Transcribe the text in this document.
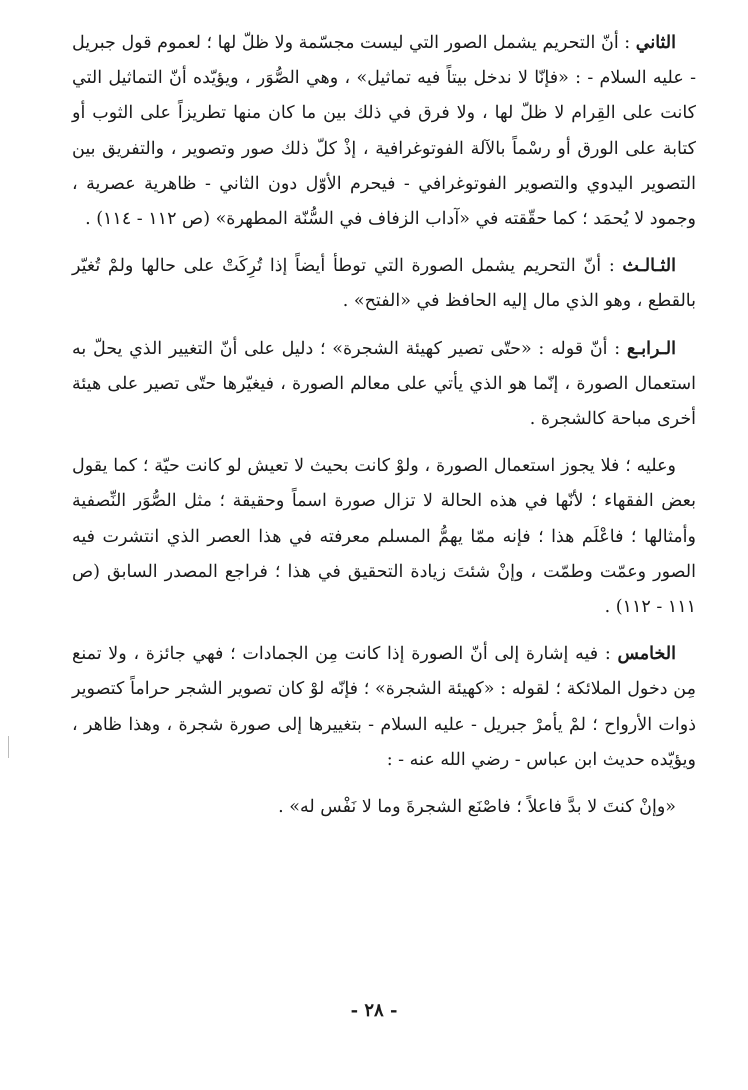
الثاني : أنّ التحريم يشمل الصور التي ليست مجسّمة ولا ظلّ لها ؛ لعموم قول جبريل - عليه السلام - : «فإنّا لا ندخل بيتاً فيه تماثيل» ، وهي الصُّوَر ، ويؤيّده أنّ التماثيل التي كانت على القِرام لا ظلّ لها ، ولا فرق في ذلك بين ما كان منها تطريزاً على الثوب أو كتابة على الورق أو رسْماً بالآلة الفوتوغرافية ، إذْ كلّ ذلك صور وتصوير ، والتفريق بين التصوير اليدوي والتصوير الفوتوغرافي - فيحرم الأوّل دون الثاني - ظاهرية عصرية ، وجمود لا يُحمَد ؛ كما حقّقته في «آداب الزفاف في السُّنّة المطهرة» (ص ١١٢ - ١١٤) .

الثـالـث : أنّ التحريم يشمل الصورة التي توطأ أيضاً إذا تُرِكَتْ على حالها ولمْ تُغيّر بالقطع ، وهو الذي مال إليه الحافظ في «الفتح» .

الـرابـع : أنّ قوله : «حتّى تصير كهيئة الشجرة» ؛ دليل على أنّ التغيير الذي يحلّ به استعمال الصورة ، إنّما هو الذي يأتي على معالم الصورة ، فيغيّرها حتّى تصير على هيئة أخرى مباحة كالشجرة .

وعليه ؛ فلا يجوز استعمال الصورة ، ولوْ كانت بحيث لا تعيش لو كانت حيّة ؛ كما يقول بعض الفقهاء ؛ لأنّها في هذه الحالة لا تزال صورة اسماً وحقيقة ؛ مثل الصُّوَر النِّصفية وأمثالها ؛ فاعْلَم هذا ؛ فإنه ممّا يهمُّ المسلم معرفته في هذا العصر الذي انتشرت فيه الصور وعمّت وطمّت ، وإنْ شئتَ زيادة التحقيق في هذا ؛ فراجع المصدر السابق (ص ١١١ - ١١٢) .

الخامس : فيه إشارة إلى أنّ الصورة إذا كانت مِن الجمادات ؛ فهي جائزة ، ولا تمنع مِن دخول الملائكة ؛ لقوله : «كهيئة الشجرة» ؛ فإنّه لوْ كان تصوير الشجر حراماً كتصوير ذوات الأرواح ؛ لمْ يأمرْ جبريل - عليه السلام - بتغييرها إلى صورة شجرة ، وهذا ظاهر ، ويؤيّده حديث ابن عباس - رضي الله عنه - :

«وإنْ كنتَ لا بدَّ فاعلاً ؛ فاصْنَع الشجرةَ وما لا نَفْس له» .

- ٢٨ -
